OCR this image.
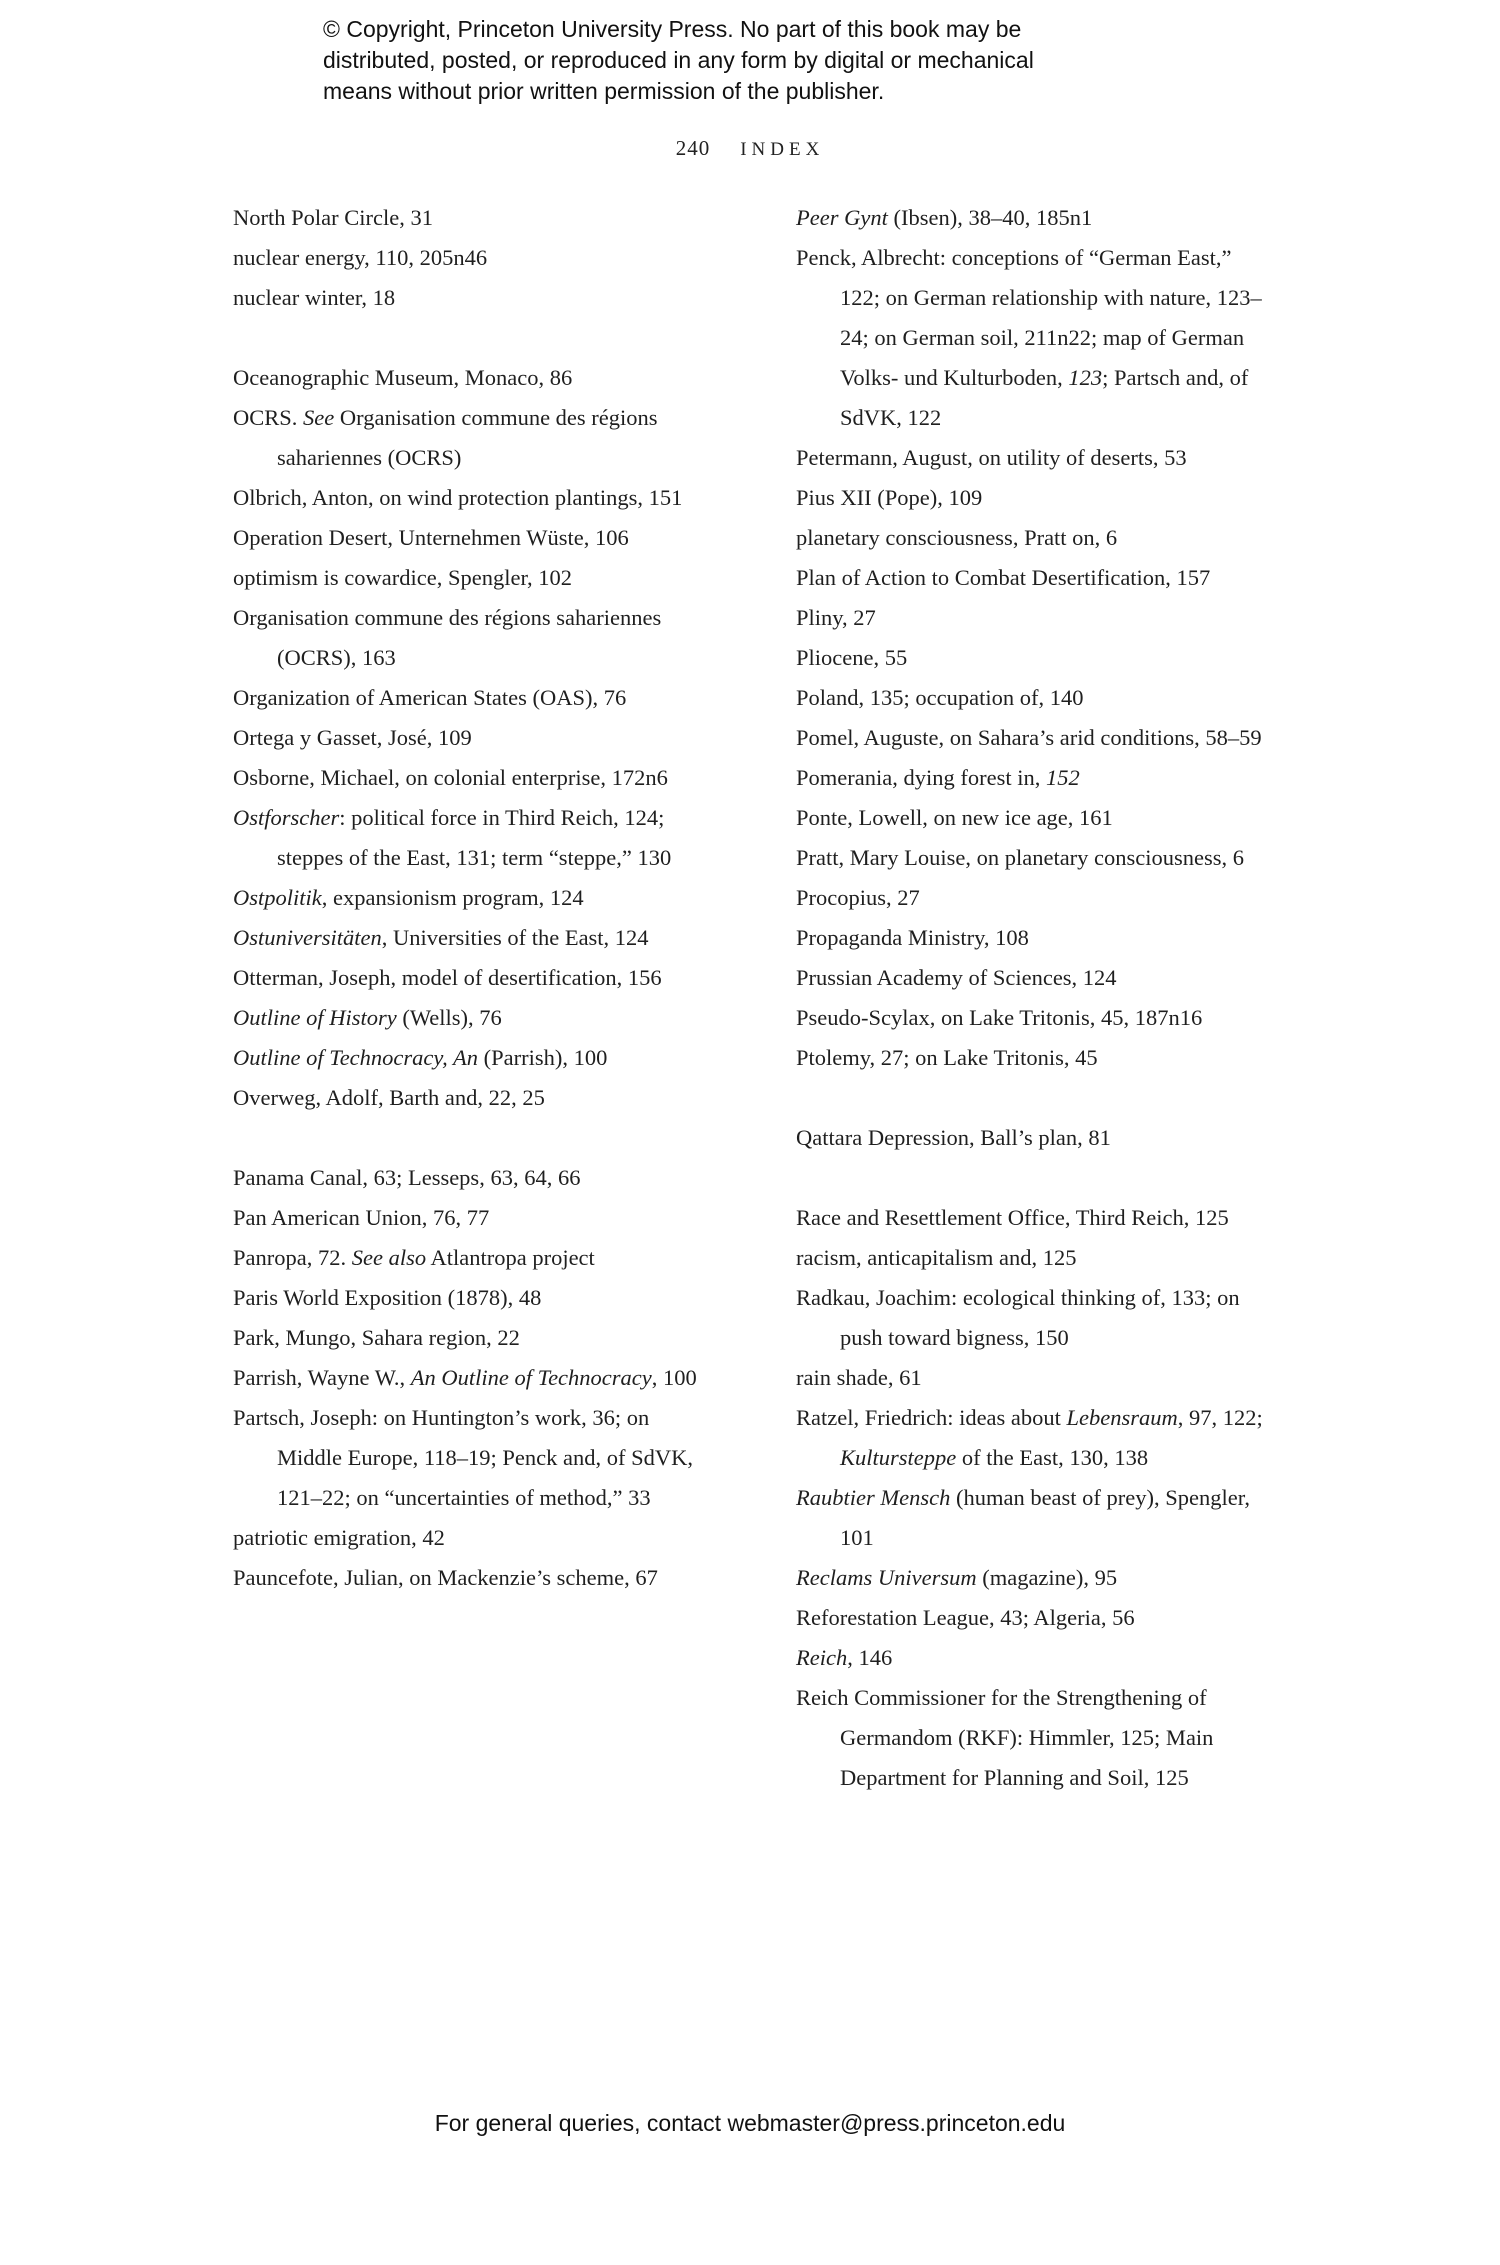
© Copyright, Princeton University Press. No part of this book may be
distributed, posted, or reproduced in any form by digital or mechanical
means without prior written permission of the publisher.
240 INDEX
North Polar Circle, 31
nuclear energy, 110, 205n46
nuclear winter, 18
Oceanographic Museum, Monaco, 86
OCRS. See Organisation commune des régions sahariennes (OCRS)
Olbrich, Anton, on wind protection plantings, 151
Operation Desert, Unternehmen Wüste, 106
optimism is cowardice, Spengler, 102
Organisation commune des régions sahariennes (OCRS), 163
Organization of American States (OAS), 76
Ortega y Gasset, José, 109
Osborne, Michael, on colonial enterprise, 172n6
Ostforscher: political force in Third Reich, 124; steppes of the East, 131; term “steppe,” 130
Ostpolitik, expansionism program, 124
Ostuniversitäten, Universities of the East, 124
Otterman, Joseph, model of desertification, 156
Outline of History (Wells), 76
Outline of Technocracy, An (Parrish), 100
Overweg, Adolf, Barth and, 22, 25
Panama Canal, 63; Lesseps, 63, 64, 66
Pan American Union, 76, 77
Panropa, 72. See also Atlantropa project
Paris World Exposition (1878), 48
Park, Mungo, Sahara region, 22
Parrish, Wayne W., An Outline of Technocracy, 100
Partsch, Joseph: on Huntington’s work, 36; on Middle Europe, 118–19; Penck and, of SdVK, 121–22; on “uncertainties of method,” 33
patriotic emigration, 42
Pauncefote, Julian, on Mackenzie’s scheme, 67
Peer Gynt (Ibsen), 38–40, 185n1
Penck, Albrecht: conceptions of “German East,” 122; on German relationship with nature, 123–24; on German soil, 211n22; map of German Volks- und Kulturboden, 123; Partsch and, of SdVK, 122
Petermann, August, on utility of deserts, 53
Pius XII (Pope), 109
planetary consciousness, Pratt on, 6
Plan of Action to Combat Desertification, 157
Pliny, 27
Pliocene, 55
Poland, 135; occupation of, 140
Pomel, Auguste, on Sahara’s arid conditions, 58–59
Pomerania, dying forest in, 152
Ponte, Lowell, on new ice age, 161
Pratt, Mary Louise, on planetary consciousness, 6
Procopius, 27
Propaganda Ministry, 108
Prussian Academy of Sciences, 124
Pseudo-Scylax, on Lake Tritonis, 45, 187n16
Ptolemy, 27; on Lake Tritonis, 45
Qattara Depression, Ball’s plan, 81
Race and Resettlement Office, Third Reich, 125
racism, anticapitalism and, 125
Radkau, Joachim: ecological thinking of, 133; on push toward bigness, 150
rain shade, 61
Ratzel, Friedrich: ideas about Lebensraum, 97, 122; Kultursteppe of the East, 130, 138
Raubtier Mensch (human beast of prey), Spengler, 101
Reclams Universum (magazine), 95
Reforestation League, 43; Algeria, 56
Reich, 146
Reich Commissioner for the Strengthening of Germandom (RKF): Himmler, 125; Main Department for Planning and Soil, 125
For general queries, contact webmaster@press.princeton.edu
